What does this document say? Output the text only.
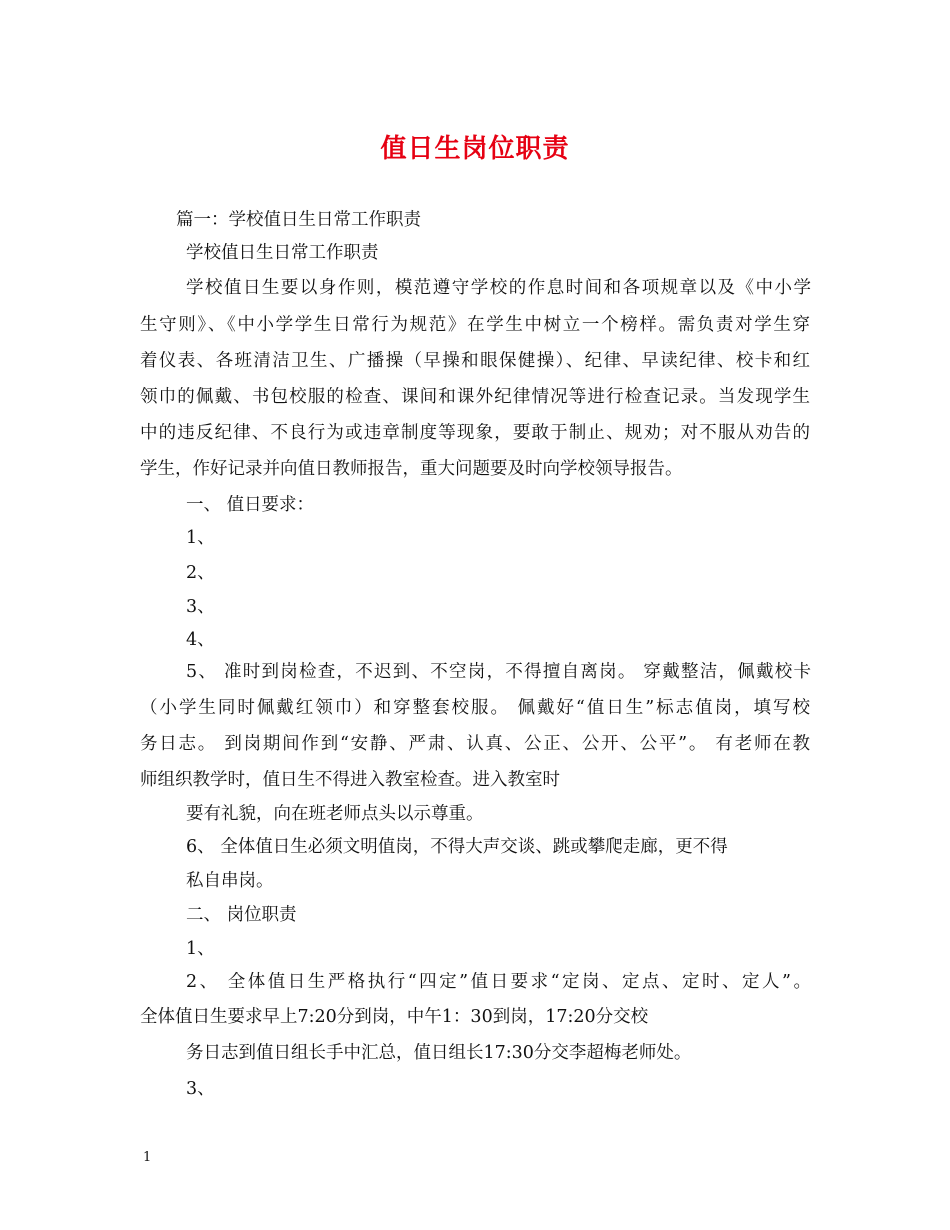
值日生岗位职责
篇一：学校值日生日常工作职责
学校值日生日常工作职责
学校值日生要以身作则，模范遵守学校的作息时间和各项规章以及《中小学
生守则》、《中小学学生日常行为规范》在学生中树立一个榜样。需负责对学生穿
着仪表、各班清洁卫生、广播操（早操和眼保健操）、纪律、早读纪律、校卡和红
领巾的佩戴、书包校服的检查、课间和课外纪律情况等进行检查记录。当发现学生
中的违反纪律、不良行为或违章制度等现象，要敢于制止、规劝；对不服从劝告的
学生，作好记录并向值日教师报告，重大问题要及时向学校领导报告。
一、 值日要求：
1、
2、
3、
4、
5、 准时到岗检查，不迟到、不空岗，不得擅自离岗。 穿戴整洁，佩戴校卡
（小学生同时佩戴红领巾）和穿整套校服。 佩戴好“值日生”标志值岗，填写校
务日志。 到岗期间作到“安静、严肃、认真、公正、公开、公平”。 有老师在教
师组织教学时，值日生不得进入教室检查。进入教室时
要有礼貌，向在班老师点头以示尊重。
6、 全体值日生必须文明值岗，不得大声交谈、跳或攀爬走廊，更不得
私自串岗。
二、 岗位职责
1、
2、 全体值日生严格执行“四定”值日要求“定岗、定点、定时、定人”。
全体值日生要求早上7:20分到岗，中午1：30到岗，17:20分交校
务日志到值日组长手中汇总，值日组长17:30分交李超梅老师处。
3、
1
